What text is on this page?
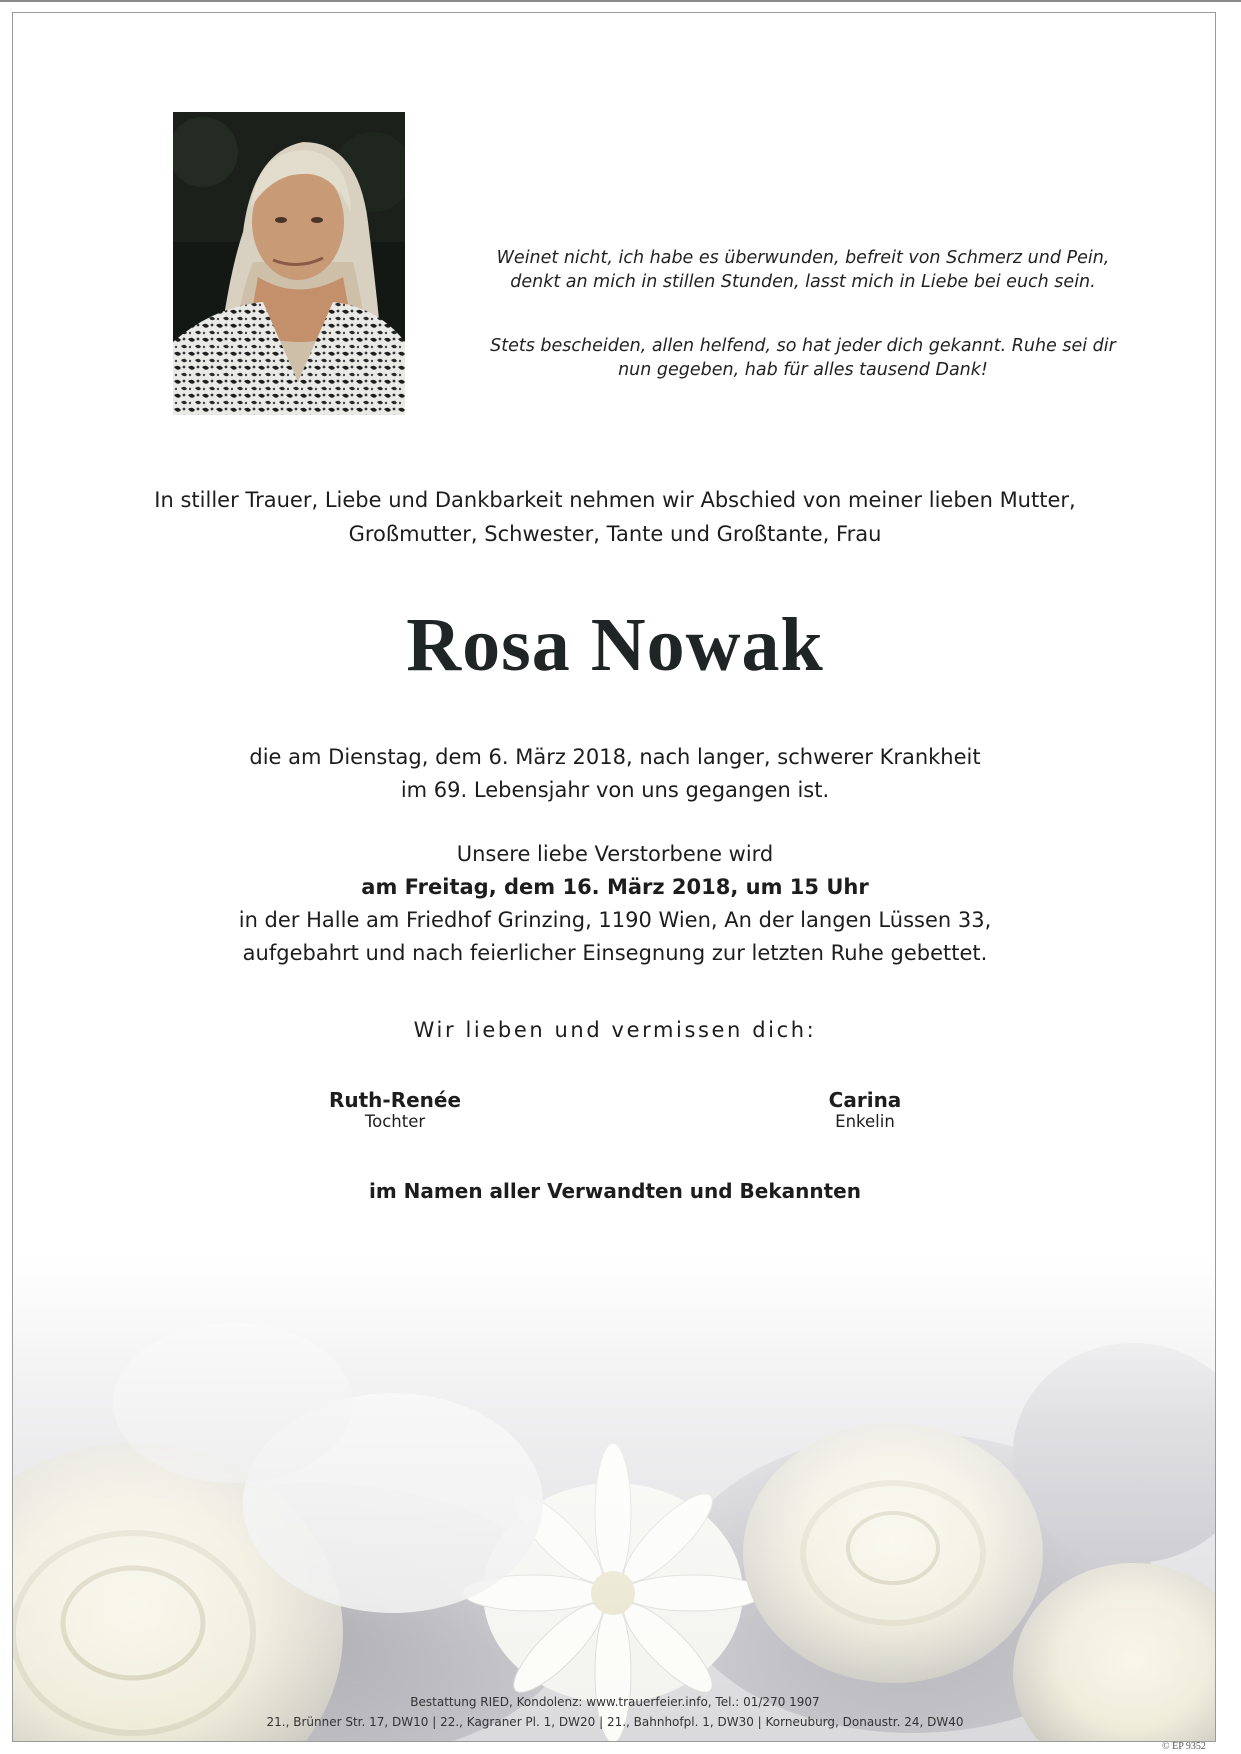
Weinet nicht, ich habe es überwunden, befreit von Schmerz und Pein,
denkt an mich in stillen Stunden, lasst mich in Liebe bei euch sein.
Stets bescheiden, allen helfend, so hat jeder dich gekannt. Ruhe sei dir
nun gegeben, hab für alles tausend Dank!
In stiller Trauer, Liebe und Dankbarkeit nehmen wir Abschied von meiner lieben Mutter,
Großmutter, Schwester, Tante und Großtante, Frau
Rosa Nowak
die am Dienstag, dem 6. März 2018, nach langer, schwerer Krankheit
im 69. Lebensjahr von uns gegangen ist.
Unsere liebe Verstorbene wird
am Freitag, dem 16. März 2018, um 15 Uhr
in der Halle am Friedhof Grinzing, 1190 Wien, An der langen Lüssen 33,
aufgebahrt und nach feierlicher Einsegnung zur letzten Ruhe gebettet.
Wir lieben und vermissen dich:
Ruth-Renée
Tochter
Carina
Enkelin
im Namen aller Verwandten und Bekannten
Bestattung RIED, Kondolenz: www.trauerfeier.info, Tel.: 01/270 1907
21., Brünner Str. 17, DW10 | 22., Kagraner Pl. 1, DW20 | 21., Bahnhofpl. 1, DW30 | Korneuburg, Donaustr. 24, DW40
© EP 9352
